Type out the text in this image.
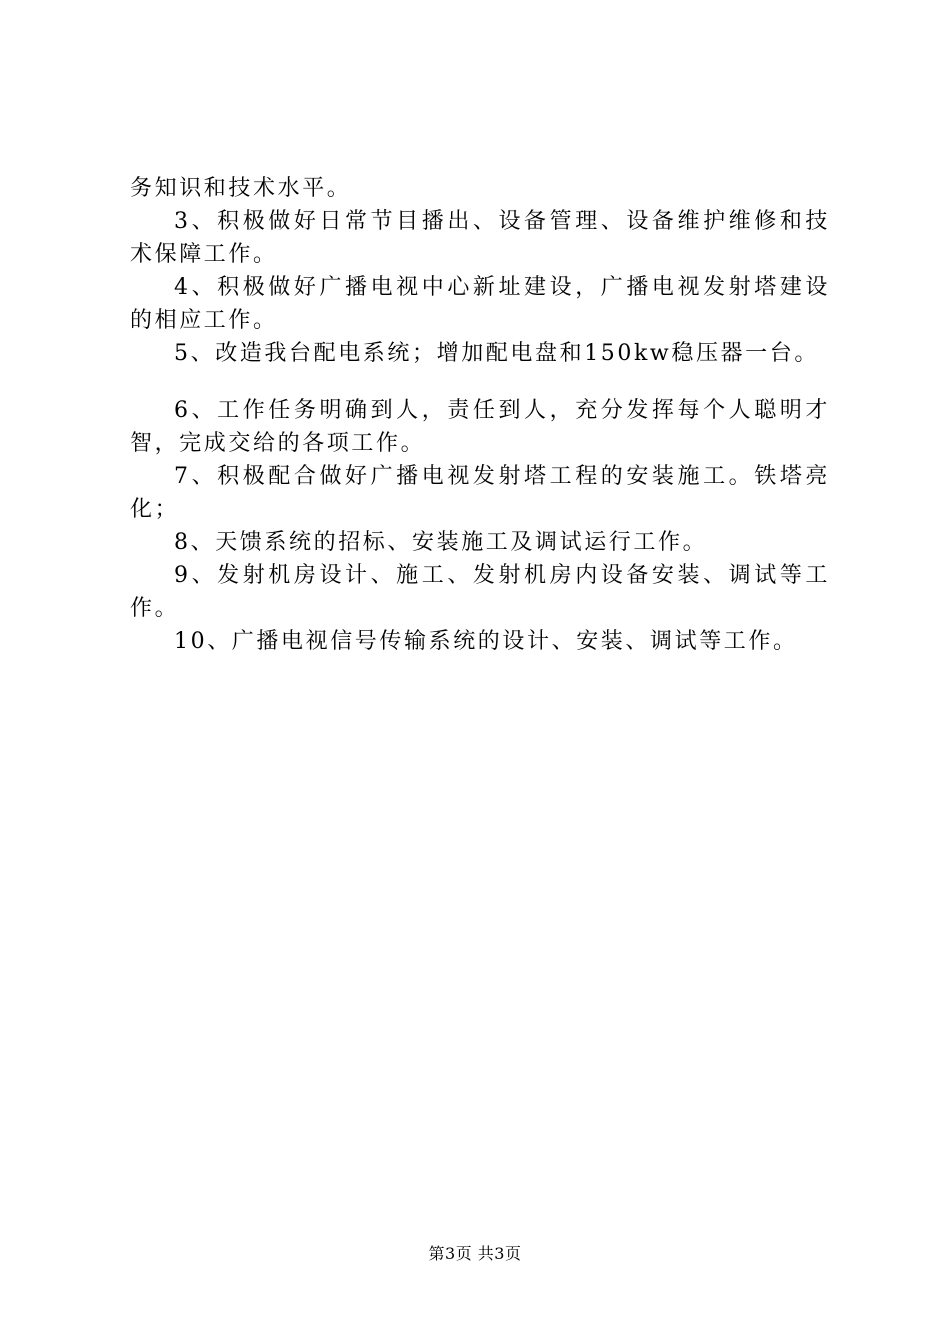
务知识和技术水平。

3、积极做好日常节目播出、设备管理、设备维护维修和技术保障工作。

4、积极做好广播电视中心新址建设，广播电视发射塔建设的相应工作。

5、改造我台配电系统；增加配电盘和150kw稳压器一台。

6、工作任务明确到人，责任到人，充分发挥每个人聪明才智，完成交给的各项工作。

7、积极配合做好广播电视发射塔工程的安装施工。铁塔亮化；

8、天馈系统的招标、安装施工及调试运行工作。

9、发射机房设计、施工、发射机房内设备安装、调试等工作。

10、广播电视信号传输系统的设计、安装、调试等工作。

第3页 共3页
